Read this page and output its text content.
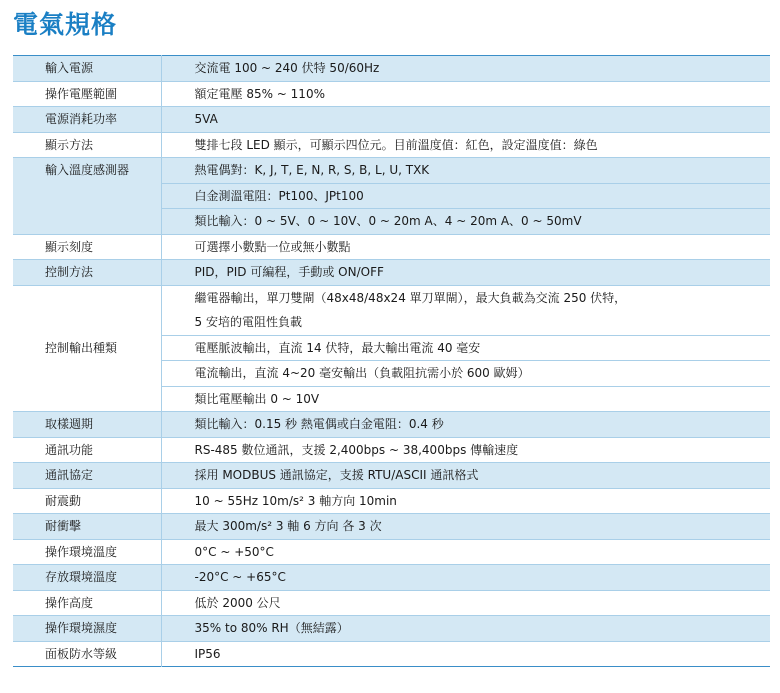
電氣規格
輸入電源	交流電 100 ~ 240 伏特 50/60Hz
操作電壓範圍	額定電壓 85% ~ 110%
電源消耗功率	5VA
顯示方法	雙排七段 LED 顯示，可顯示四位元。目前溫度值：紅色，設定溫度值：綠色
輸入溫度感測器	熱電偶對：K, J, T, E, N, R, S, B, L, U, TXK
	白金測溫電阻：Pt100、JPt100
	類比輸入：0 ~ 5V、0 ~ 10V、0 ~ 20m A、4 ~ 20m A、0 ~ 50mV
顯示刻度	可選擇小數點一位或無小數點
控制方法	PID，PID 可編程，手動或 ON/OFF
控制輸出種類	繼電器輸出，單刀雙閘（48x48/48x24 單刀單閘），最大負載為交流 250 伏特，
	5 安培的電阻性負載
	電壓脈波輸出，直流 14 伏特，最大輸出電流 40 毫安
	電流輸出，直流 4~20 毫安輸出（負載阻抗需小於 600 歐姆）
	類比電壓輸出 0 ~ 10V
取樣週期	類比輸入：0.15 秒 熱電偶或白金電阻：0.4 秒
通訊功能	RS-485 數位通訊，支援 2,400bps ~ 38,400bps 傳輸速度
通訊協定	採用 MODBUS 通訊協定，支援 RTU/ASCII 通訊格式
耐震動	10 ~ 55Hz 10m/s² 3 軸方向 10min
耐衝擊	最大 300m/s² 3 軸 6 方向 各 3 次
操作環境溫度	0°C ~ +50°C
存放環境溫度	-20°C ~ +65°C
操作高度	低於 2000 公尺
操作環境濕度	35% to 80% RH（無結露）
面板防水等級	IP56
